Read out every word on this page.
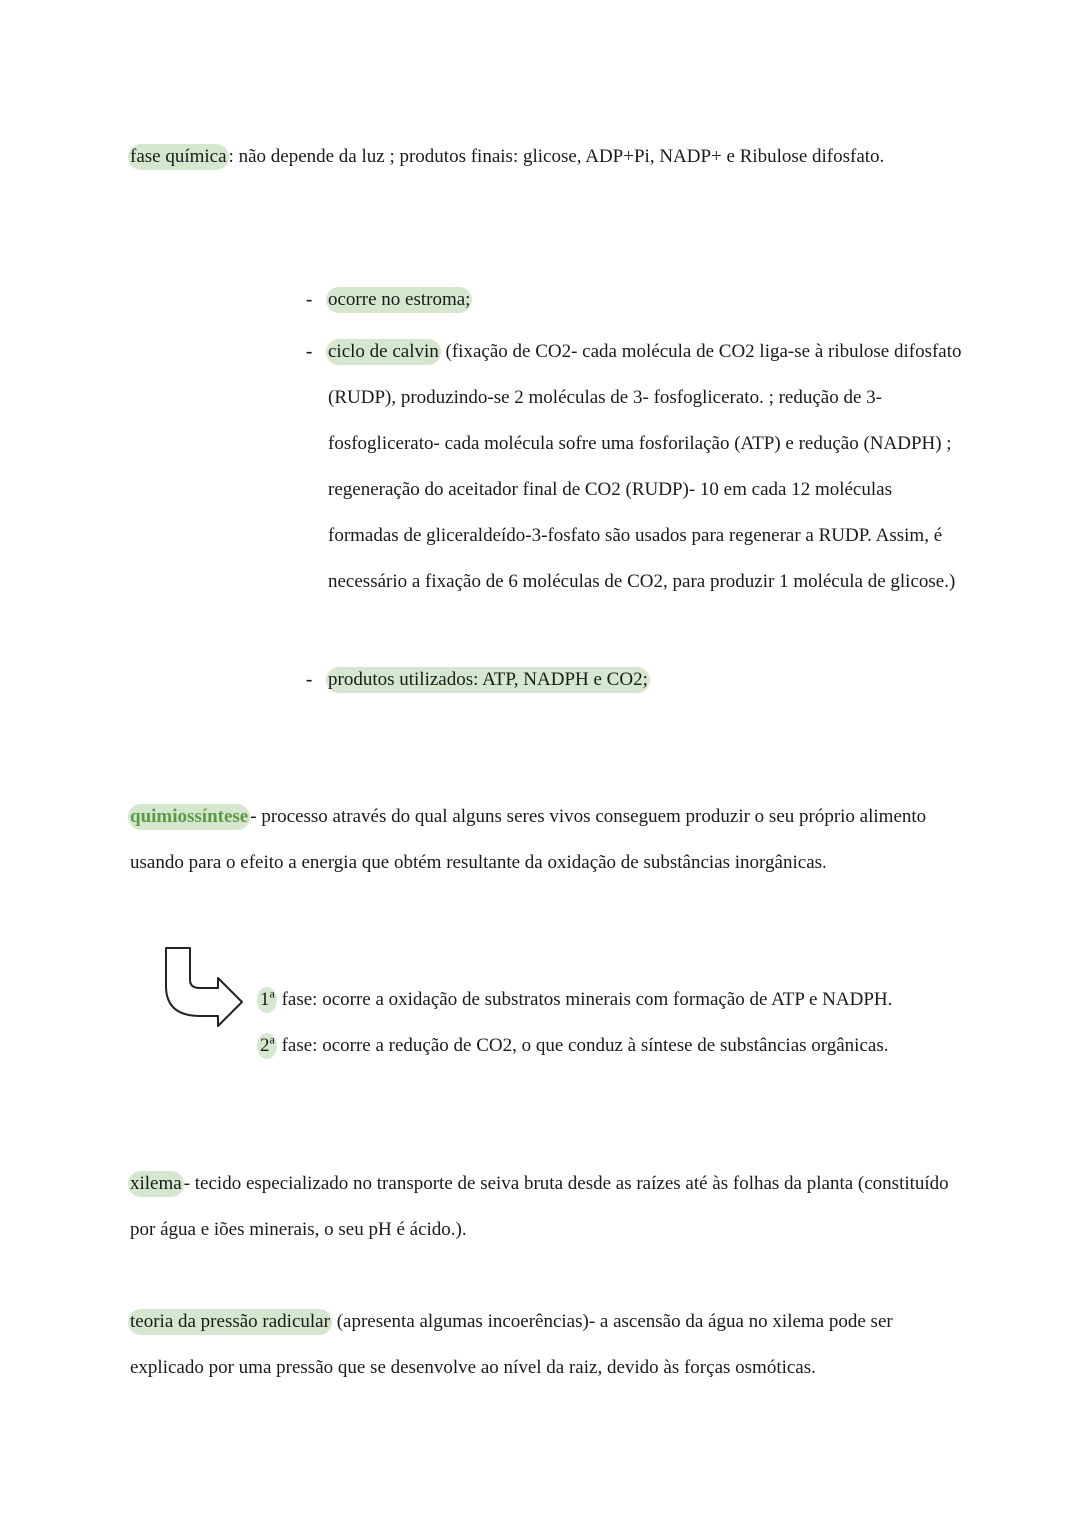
fase química : não depende da luz ; produtos finais: glicose, ADP+Pi, NADP+ e Ribulose difosfato.

- ocorre no estroma;
- ciclo de calvin (fixação de CO2- cada molécula de CO2 liga-se à ribulose difosfato (RUDP), produzindo-se 2 moléculas de 3- fosfoglicerato. ; redução de 3- fosfoglicerato- cada molécula sofre uma fosforilação (ATP) e redução (NADPH) ; regeneração do aceitador final de CO2 (RUDP)- 10 em cada 12 moléculas formadas de gliceraldeído-3-fosfato são usados para regenerar a RUDP. Assim, é necessário a fixação de 6 moléculas de CO2, para produzir 1 molécula de glicose.)
- produtos utilizados: ATP, NADPH e CO2;

quimiossíntese - processo através do qual alguns seres vivos conseguem produzir o seu próprio alimento usando para o efeito a energia que obtém resultante da oxidação de substâncias inorgânicas.

1$^a$ fase: ocorre a oxidação de substratos minerais com formação de ATP e NADPH.
2$^a$ fase: ocorre a redução de CO2, o que conduz à síntese de substâncias orgânicas.

xilema - tecido especializado no transporte de seiva bruta desde as raízes até às folhas da planta (constituído por água e iões minerais, o seu pH é ácido.).

teoria da pressão radicular (apresenta algumas incoerências)- a ascensão da água no xilema pode ser explicado por uma pressão que se desenvolve ao nível da raiz, devido às forças osmóticas.
